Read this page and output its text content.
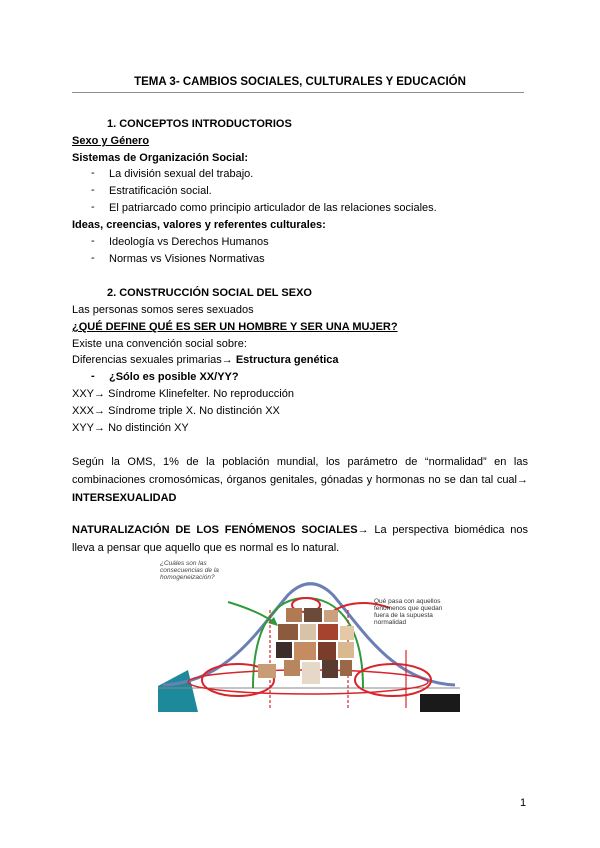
TEMA 3- CAMBIOS SOCIALES, CULTURALES Y EDUCACIÓN
1. CONCEPTOS INTRODUCTORIOS
Sexo y Género
Sistemas de Organización Social:
- La división sexual del trabajo.
- Estratificación social.
- El patriarcado como principio articulador de las relaciones sociales.
Ideas, creencias, valores y referentes culturales:
- Ideología vs Derechos Humanos
- Normas vs Visiones Normativas
2. CONSTRUCCIÓN SOCIAL DEL SEXO
Las personas somos seres sexuados
¿QUÉ DEFINE QUÉ ES SER UN HOMBRE Y SER UNA MUJER?
Existe una convención social sobre:
Diferencias sexuales primarias→ Estructura genética
- ¿Sólo es posible XX/YY?
XXY→ Síndrome Klinefelter. No reproducción
XXX→ Síndrome triple X. No distinción XX
XYY→ No distinción XY
Según la OMS, 1% de la población mundial, los parámetro de “normalidad” en las combinaciones cromosómicas, órganos genitales, gónadas y hormonas no se dan tal cual→ INTERSEXUALIDAD
NATURALIZACIÓN DE LOS FENÓMENOS SOCIALES→ La perspectiva biomédica nos lleva a pensar que aquello que es normal es lo natural.
¿Cuáles son las consecuencias de la homogeneización?
Qué pasa con aquellos fenómenos que quedan fuera de la supuesta normalidad
1
